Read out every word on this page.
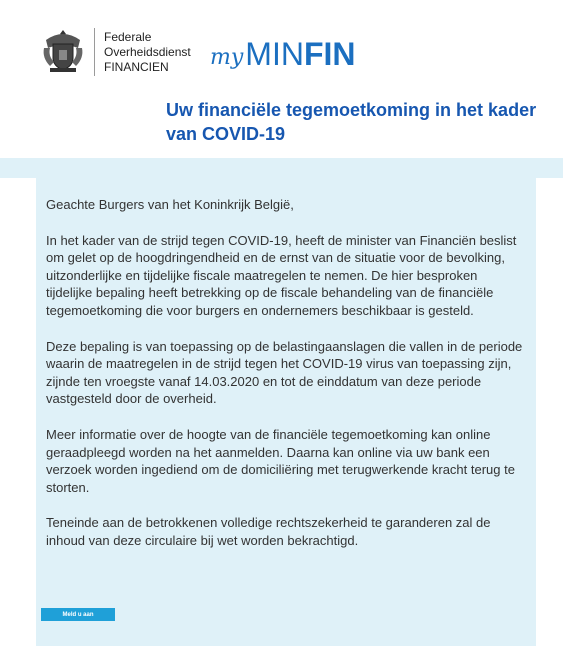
Federale
Overheidsdienst
FINANCIEN	my MIN FIN
Uw financiële tegemoetkoming in het kader van COVID-19

Geachte Burgers van het Koninkrijk België,

In het kader van de strijd tegen COVID-19, heeft de minister van Financiën beslist om gelet op de hoogdringendheid en de ernst van de situatie voor de bevolking, uitzonderlijke en tijdelijke fiscale maatregelen te nemen. De hier besproken tijdelijke bepaling heeft betrekking op de fiscale behandeling van de financiële tegemoetkoming die voor burgers en ondernemers beschikbaar is gesteld.

Deze bepaling is van toepassing op de belastingaanslagen die vallen in de periode waarin de maatregelen in de strijd tegen het COVID-19 virus van toepassing zijn, zijnde ten vroegste vanaf 14.03.2020 en tot de einddatum van deze periode vastgesteld door de overheid.

Meer informatie over de hoogte van de financiële tegemoetkoming kan online geraadpleegd worden na het aanmelden. Daarna kan online via uw bank een verzoek worden ingediend om de domiciliëring met terugwerkende kracht terug te storten.

Teneinde aan de betrokkenen volledige rechtszekerheid te garanderen zal de inhoud van deze circulaire bij wet worden bekrachtigd.

Meld u aan
